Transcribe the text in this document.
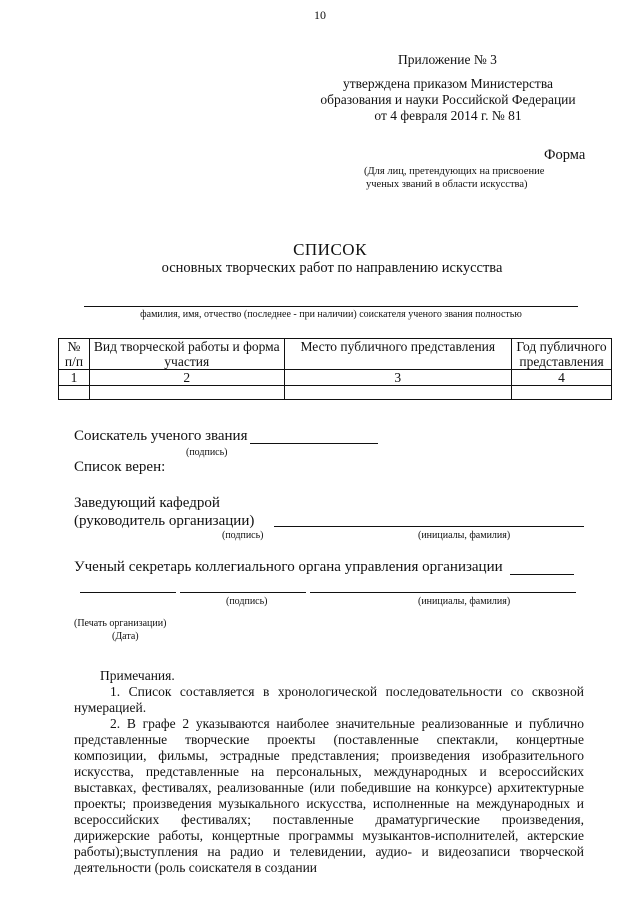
10
Приложение № 3
утверждена приказом Министерства
образования и науки Российской Федерации
от 4 февраля 2014 г. № 81
Форма
(Для лиц, претендующих на присвоение
ученых званий в области искусства)
СПИСОК
основных творческих работ по направлению искусства
фамилия, имя, отчество (последнее - при наличии) соискателя ученого звания полностью
№ п/п	Вид творческой работы и форма участия	Место публичного представления	Год публичного представления
1	2	3	4

Соискатель ученого звания
(подпись)
Список верен:
Заведующий кафедрой
(руководитель организации)
(подпись)	(инициалы, фамилия)
Ученый секретарь коллегиального органа управления организации
(подпись)	(инициалы, фамилия)
(Печать организации)
(Дата)
Примечания.
1. Список составляется в хронологической последовательности со сквозной нумерацией.
2. В графе 2 указываются наиболее значительные реализованные и публично представленные творческие проекты (поставленные спектакли, концертные композиции, фильмы, эстрадные представления; произведения изобразительного искусства, представленные на персональных, международных и всероссийских выставках, фестивалях, реализованные (или победившие на конкурсе) архитектурные проекты; произведения музыкального искусства, исполненные на международных и всероссийских фестивалях; поставленные драматургические произведения, дирижерские работы, концертные программы музыкантов-исполнителей, актерские работы);выступления на радио и телевидении, аудио- и видеозаписи творческой деятельности (роль соискателя в создании
